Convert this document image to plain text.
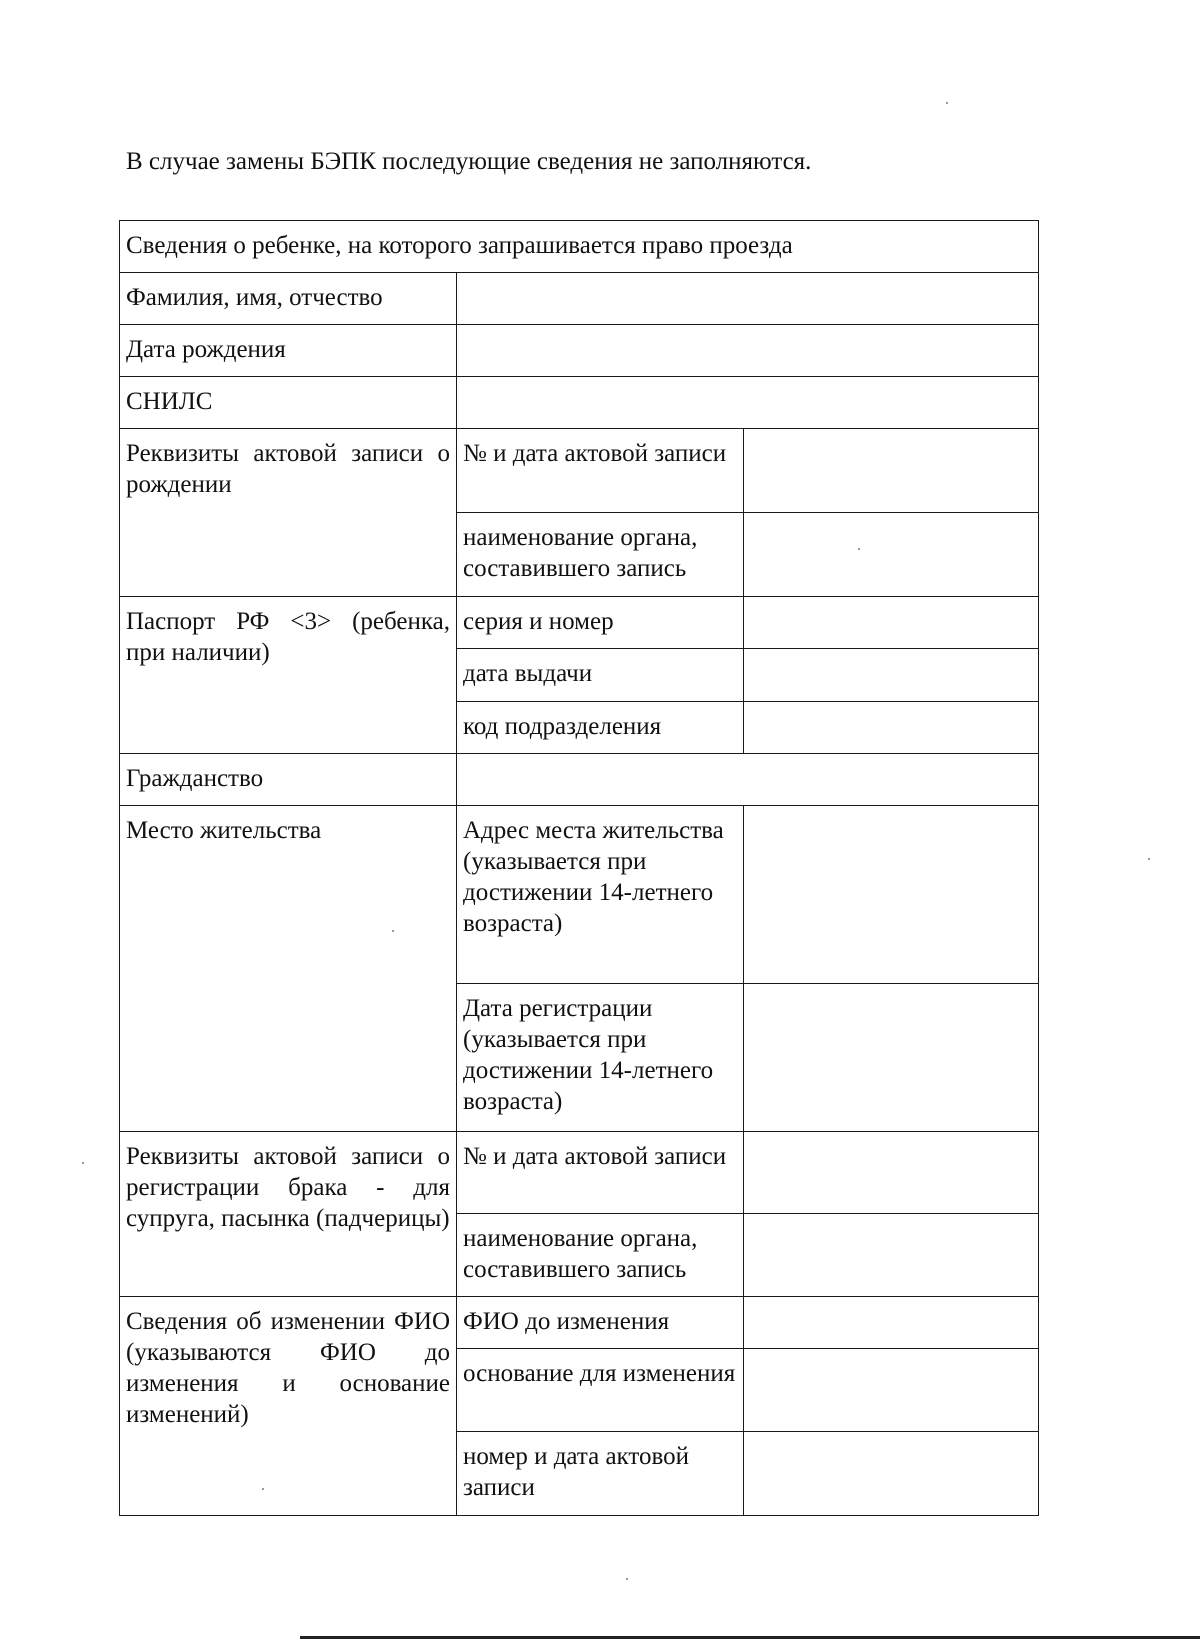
В случае замены БЭПК последующие сведения не заполняются.
Сведения о ребенке, на которого запрашивается право проезда		
Фамилия, имя, отчество		
Дата рождения		
СНИЛС		
Реквизиты актовой записи о рождении	№ и дата актовой записи	
	наименование органа, составившего запись	
Паспорт РФ <3> (ребенка, при наличии)	серия и номер	
	дата выдачи	
	код подразделения	
Гражданство		
Место жительства	Адрес места жительства (указывается при достижении 14-летнего возраста)	
	Дата регистрации (указывается при достижении 14-летнего возраста)	
Реквизиты актовой записи о регистрации брака - для супруга, пасынка (падчерицы)	№ и дата актовой записи	
	наименование органа, составившего запись	
Сведения об изменении ФИО (указываются ФИО до изменения и основание изменений)	ФИО до изменения	
	основание для изменения	
	номер и дата актовой записи	
